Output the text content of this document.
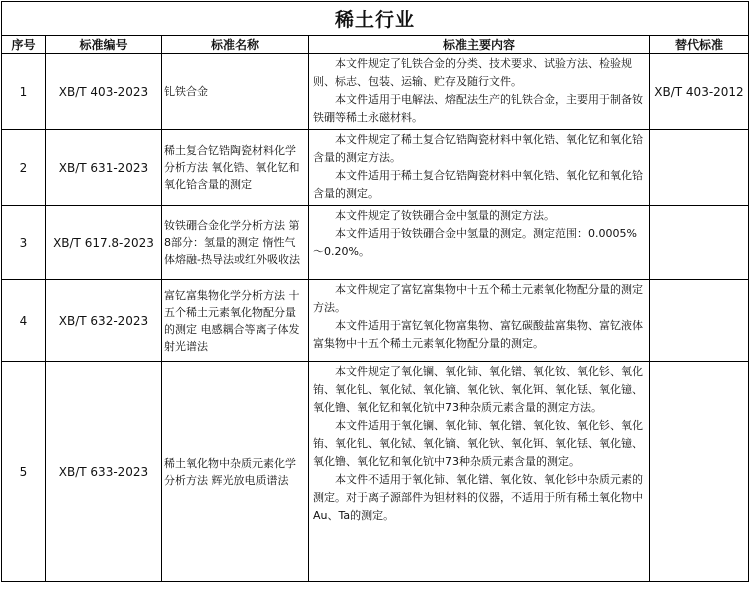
稀土行业				
序号	标准编号	标准名称	标准主要内容	替代标准
1	XB/T 403-2023	钆铁合金	本文件规定了钆铁合金的分类、技术要求、试验方法、检验规则、标志、包装、运输、贮存及随行文件。

本文件适用于电解法、熔配法生产的钆铁合金，主要用于制备钕铁硼等稀土永磁材料。	XB/T 403-2012
2	XB/T 631-2023	稀土复合钇锆陶瓷材料化学分析方法 氧化锆、氧化钇和氧化铪含量的测定	本文件规定了稀土复合钇锆陶瓷材料中氧化锆、氧化钇和氧化铪含量的测定方法。

本文件适用于稀土复合钇锆陶瓷材料中氧化锆、氧化钇和氧化铪含量的测定。	

3	XB/T 617.8-2023	钕铁硼合金化学分析方法 第8部分：氢量的测定 惰性气体熔融-热导法或红外吸收法	本文件规定了钕铁硼合金中氢量的测定方法。

本文件适用于钕铁硼合金中氢量的测定。测定范围：0.0005%～0.20%。	

4	XB/T 632-2023	富钇富集物化学分析方法 十五个稀土元素氧化物配分量的测定 电感耦合等离子体发射光谱法	本文件规定了富钇富集物中十五个稀土元素氧化物配分量的测定方法。

本文件适用于富钇氧化物富集物、富钇碳酸盐富集物、富钇液体富集物中十五个稀土元素氧化物配分量的测定。	

5	XB/T 633-2023	稀土氧化物中杂质元素化学分析方法 辉光放电质谱法	本文件规定了氧化镧、氧化铈、氧化镨、氧化钕、氧化钐、氧化铕、氧化钆、氧化铽、氧化镝、氧化钬、氧化铒、氧化铥、氧化镱、氧化镥、氧化钇和氧化钪中73种杂质元素含量的测定方法。

本文件适用于氧化镧、氧化铈、氧化镨、氧化钕、氧化钐、氧化铕、氧化钆、氧化铽、氧化镝、氧化钬、氧化铒、氧化铥、氧化镱、氧化镥、氧化钇和氧化钪中73种杂质元素含量的测定。

本文件不适用于氧化铈、氧化镨、氧化钕、氧化钐中杂质元素的测定。对于离子源部件为钽材料的仪器，不适用于所有稀土氧化物中Au、Ta的测定。	
